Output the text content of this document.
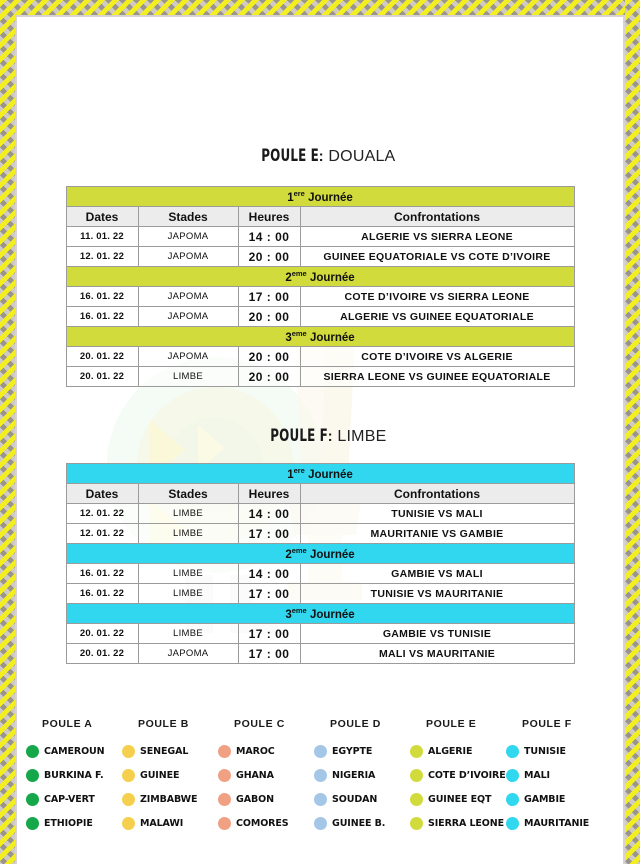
POULE E: DOUALA
1ere Journée			
Dates	Stades	Heures	Confrontations
11. 01. 22	JAPOMA	14 : 00	ALGERIE VS SIERRA LEONE
12. 01. 22	JAPOMA	20 : 00	GUINEE EQUATORIALE VS COTE D’IVOIRE
2eme Journée			
16. 01. 22	JAPOMA	17 : 00	COTE D’IVOIRE VS SIERRA LEONE
16. 01. 22	JAPOMA	20 : 00	ALGERIE VS GUINEE EQUATORIALE
3eme Journée			
20. 01. 22	JAPOMA	20 : 00	COTE D’IVOIRE VS ALGERIE
20. 01. 22	LIMBE	20 : 00	SIERRA LEONE VS GUINEE EQUATORIALE
POULE F: LIMBE
1ere Journée			
Dates	Stades	Heures	Confrontations
12. 01. 22	LIMBE	14 : 00	TUNISIE VS MALI
12. 01. 22	LIMBE	17 : 00	MAURITANIE VS GAMBIE
2eme Journée			
16. 01. 22	LIMBE	14 : 00	GAMBIE VS MALI
16. 01. 22	LIMBE	17 : 00	TUNISIE VS MAURITANIE
3eme Journée			
20. 01. 22	LIMBE	17 : 00	GAMBIE VS TUNISIE
20. 01. 22	JAPOMA	17 : 00	MALI VS MAURITANIE
POULE A
CAMEROUN
BURKINA F.
CAP-VERT
ETHIOPIE
POULE B
SENEGAL
GUINEE
ZIMBABWE
MALAWI
POULE C
MAROC
GHANA
GABON
COMORES
POULE D
EGYPTE
NIGERIA
SOUDAN
GUINEE B.
POULE E
ALGERIE
COTE D’IVOIRE
GUINEE EQT
SIERRA LEONE
POULE F
TUNISIE
MALI
GAMBIE
MAURITANIE
